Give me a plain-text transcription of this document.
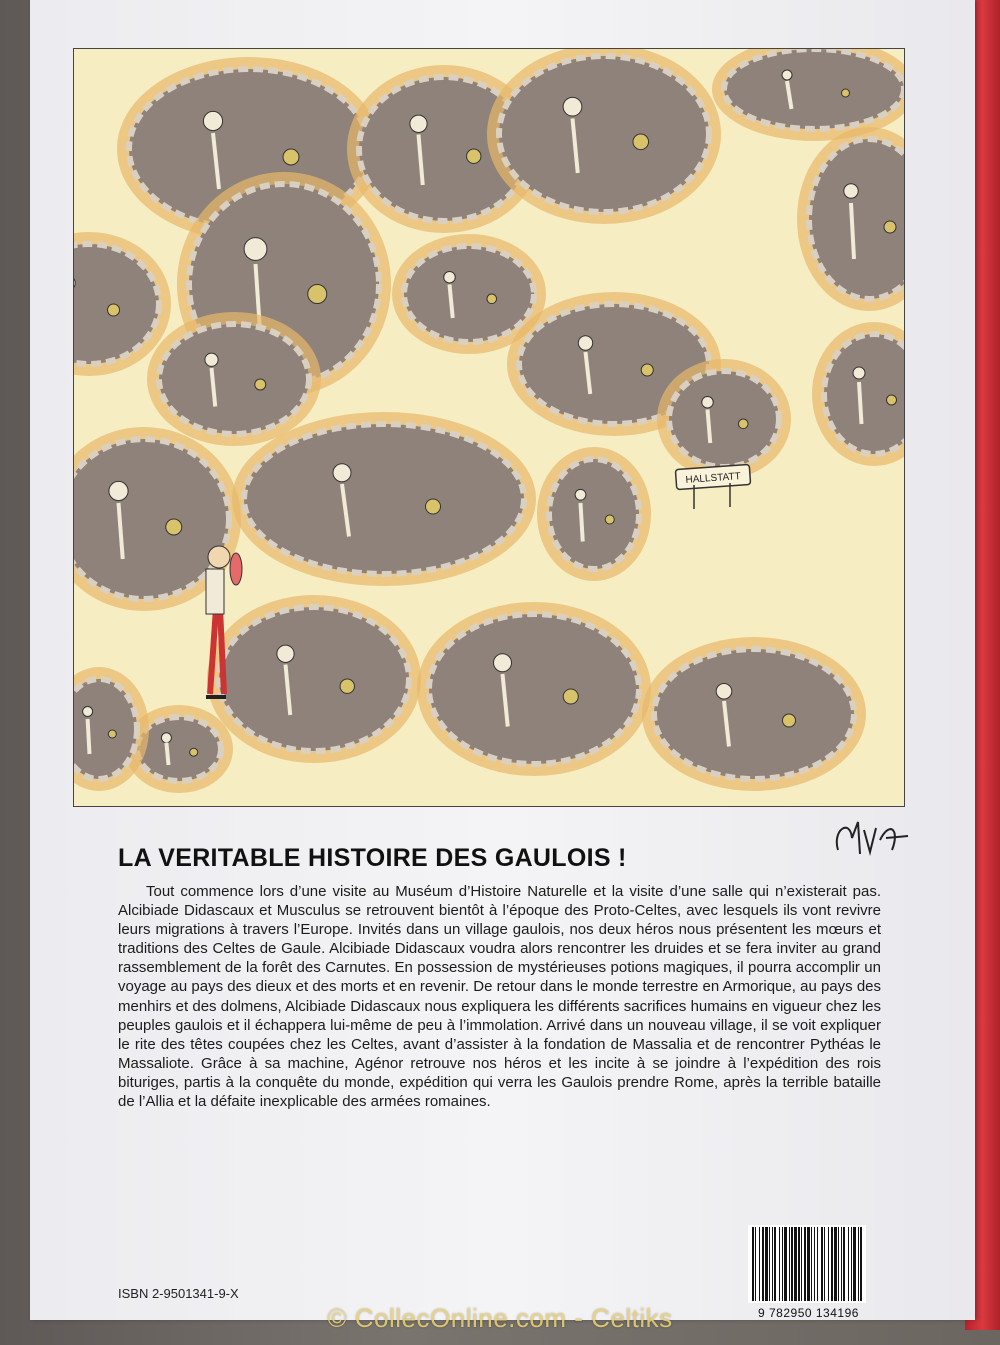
HALLSTATT
LA VERITABLE HISTOIRE DES GAULOIS !

Tout commence lors d’une visite au Muséum d’Histoire Naturelle et la visite d’une salle qui n’existerait pas. Alcibiade Didascaux et Musculus se retrouvent bientôt à l’époque des Proto-Celtes, avec lesquels ils vont revivre leurs migrations à travers l’Europe. Invités dans un village gaulois, nos deux héros nous présentent les mœurs et traditions des Celtes de Gaule. Alcibiade Didascaux voudra alors rencontrer les druides et se fera inviter au grand rassemblement de la forêt des Carnutes. En possession de mystérieuses potions magiques, il pourra accomplir un voyage au pays des dieux et des morts et en revenir. De retour dans le monde terrestre en Armorique, au pays des menhirs et des dolmens, Alcibiade Didascaux nous expliquera les différents sacrifices humains en vigueur chez les peuples gaulois et il échappera lui-même de peu à l’immolation. Arrivé dans un nouveau village, il se voit expliquer le rite des têtes coupées chez les Celtes, avant d’assister à la fondation de Massalia et de rencontrer Pythéas le Massaliote. Grâce à sa machine, Agénor retrouve nos héros et les incite à se joindre à l’expédition des rois bituriges, partis à la conquête du monde, expédition qui verra les Gaulois prendre Rome, après la terrible bataille de l’Allia et la défaite inexplicable des armées romaines.

ISBN 2-9501341-9-X
9 782950 134196
© ColleсOnline.com - Celtiks
